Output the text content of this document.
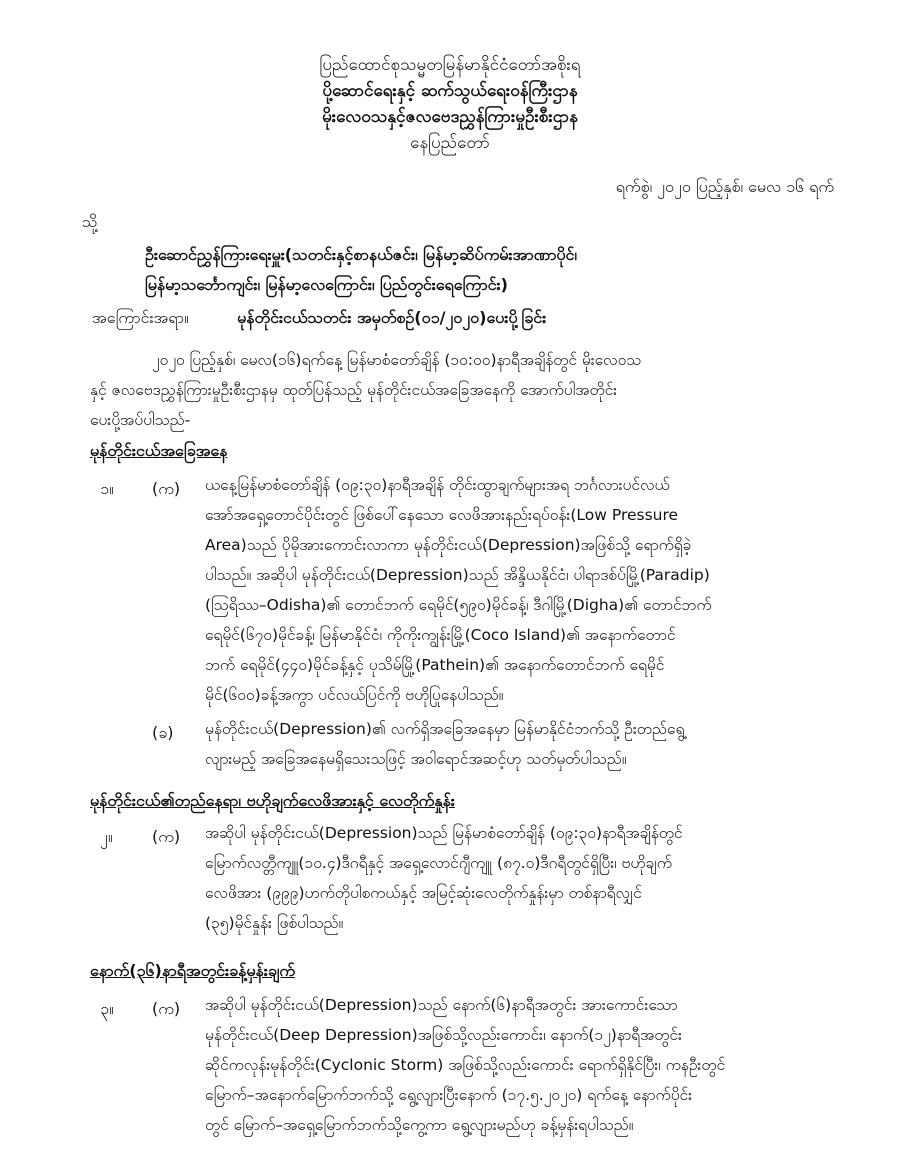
ပြည်ထောင်စုသမ္မတမြန်မာနိုင်ငံတော်အစိုးရ
ပို့ဆောင်ရေးနှင့် ဆက်သွယ်ရေးဝန်ကြီးဌာန
မိုးလေဝသနှင့်ဇလဗေဒညွှန်ကြားမှုဦးစီးဌာန
နေပြည်တော်
ရက်စွဲ၊ ၂၀၂၀ ပြည့်နှစ်၊ မေလ ၁၆ ရက်
သို့
ဦးဆောင်ညွှန်ကြားရေးမှူး(သတင်းနှင့်စာနယ်ဇင်း၊ မြန်မာ့ဆိပ်ကမ်းအာဏာပိုင်၊
မြန်မာ့သင်္ဘောကျင်း၊ မြန်မာ့လေကြောင်း၊ ပြည်တွင်းရေကြောင်း)
အကြောင်းအရာ။	မုန်တိုင်းငယ်သတင်း အမှတ်စဉ်(၀၁/၂၀၂၀)ပေးပို့ခြင်း
၂၀၂၀ ပြည့်နှစ်၊ မေလ(၁၆)ရက်နေ့ မြန်မာစံတော်ချိန် (၁၀:၀၀)နာရီအချိန်တွင် မိုးလေဝသ
နှင့် ဇလဗေဒညွှန်ကြားမှုဦးစီးဌာနမှ ထုတ်ပြန်သည့် မုန်တိုင်းငယ်အခြေအနေကို အောက်ပါအတိုင်း
ပေးပို့အပ်ပါသည်-
မုန်တိုင်းငယ်အခြေအနေ
၁။ (က) ယနေ့မြန်မာစံတော်ချိန် (၀၉:၃၀)နာရီအချိန် တိုင်းထွာချက်များအရ ဘင်္ဂလားပင်လယ်
အော်အရှေ့တောင်ပိုင်းတွင် ဖြစ်ပေါ်နေသော လေဖိအားနည်းရပ်ဝန်း(Low Pressure
Area)သည် ပိုမိုအားကောင်းလာကာ မုန်တိုင်းငယ်(Depression)အဖြစ်သို့ ရောက်ရှိခဲ့
ပါသည်။ အဆိုပါ မုန်တိုင်းငယ်(Depression)သည် အိန္ဒိယနိုင်ငံ၊ ပါရာဒစ်ပ်မြို့(Paradip)
(ဩရိဿ–Odisha)၏ တောင်ဘက် ရေမိုင်(၅၉၀)မိုင်ခန့်၊ ဒီဂါမြို့(Digha)၏ တောင်ဘက်
ရေမိုင်(၆၇၀)မိုင်ခန့်၊ မြန်မာနိုင်ငံ၊ ကိုကိုးကျွန်းမြို့(Coco Island)၏ အနောက်တောင်
ဘက် ရေမိုင်(၄၄၀)မိုင်ခန့်နှင့် ပုသိမ်မြို့(Pathein)၏ အနောက်တောင်ဘက် ရေမိုင်
မိုင်(၆၀၀)ခန့်အကွာ ပင်လယ်ပြင်ကို ဗဟိုပြုနေပါသည်။
(ခ) မုန်တိုင်းငယ်(Depression)၏ လက်ရှိအခြေအနေမှာ မြန်မာနိုင်ငံဘက်သို့ ဦးတည်ရွေ့
လျားမည့် အခြေအနေမရှိသေးသဖြင့် အဝါရောင်အဆင့်ဟု သတ်မှတ်ပါသည်။
မုန်တိုင်းငယ်၏တည်နေရာ၊ ဗဟိုချက်လေဖိအားနှင့် လေတိုက်နှုန်း
၂။ (က) အဆိုပါ မုန်တိုင်းငယ်(Depression)သည် မြန်မာစံတော်ချိန် (၀၉:၃၀)နာရီအချိန်တွင်
မြောက်လတ္တီကျူ(၁၀.၄)ဒီဂရီနှင့် အရှေ့လောင်ဂျီကျူ (၈၇.၀)ဒီဂရီတွင်ရှိပြီး၊ ဗဟိုချက်
လေဖိအား (၉၉၉)ဟက်တိုပါစကယ်နှင့် အမြင့်ဆုံးလေတိုက်နှုန်းမှာ တစ်နာရီလျှင်
(၃၅)မိုင်နှုန်း ဖြစ်ပါသည်။
နောက်(၃၆)နာရီအတွင်းခန့်မှန်းချက်
၃။ (က) အဆိုပါ မုန်တိုင်းငယ်(Depression)သည် နောက်(၆)နာရီအတွင်း အားကောင်းသော
မုန်တိုင်းငယ်(Deep Depression)အဖြစ်သို့လည်းကောင်း၊ နောက်(၁၂)နာရီအတွင်း
ဆိုင်ကလုန်းမုန်တိုင်း(Cyclonic Storm) အဖြစ်သို့လည်းကောင်း ရောက်ရှိနိုင်ပြီး၊ ကနဦးတွင်
မြောက်–အနောက်မြောက်ဘက်သို့ ရွေ့လျားပြီးနောက် (၁၇.၅.၂၀၂၀) ရက်နေ့ နောက်ပိုင်း
တွင် မြောက်–အရှေ့မြောက်ဘက်သို့ကွေ့ကာ ရွေ့လျားမည်ဟု ခန့်မှန်းရပါသည်။
